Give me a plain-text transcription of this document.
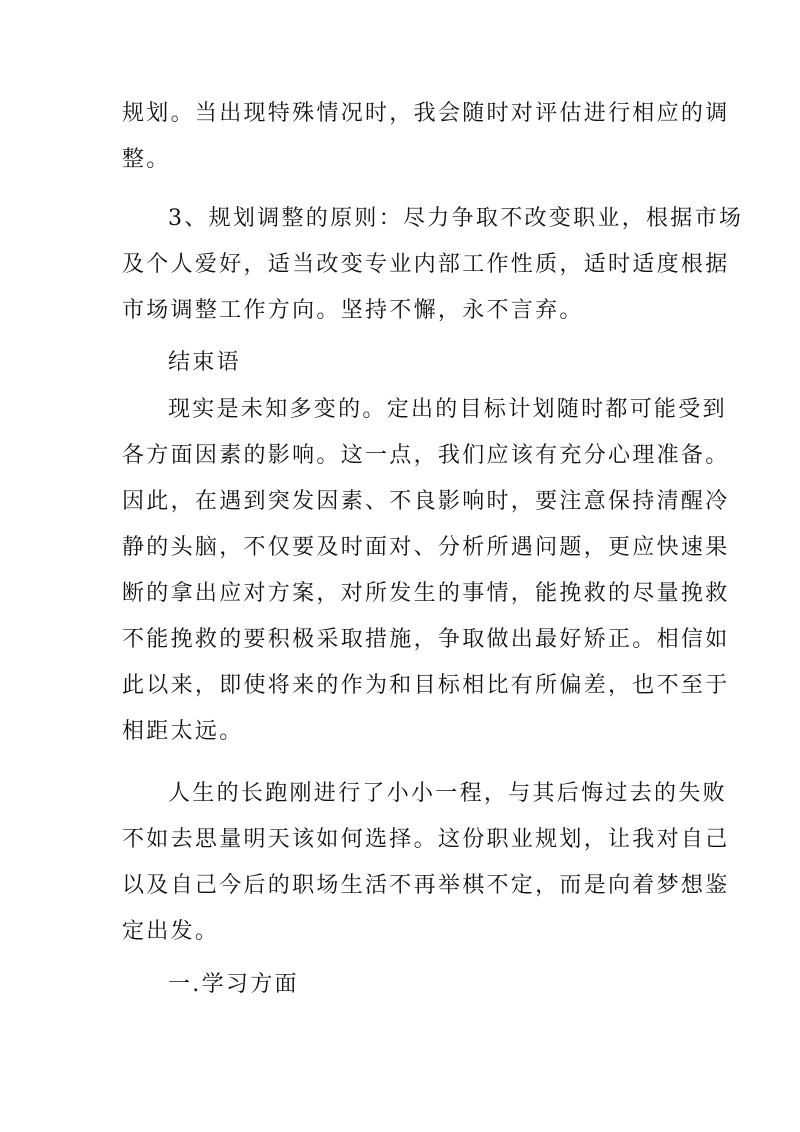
规划。当出现特殊情况时，我会随时对评估进行相应的调
整。
3、规划调整的原则：尽力争取不改变职业，根据市场
及个人爱好，适当改变专业内部工作性质，适时适度根据
市场调整工作方向。坚持不懈，永不言弃。
结束语
现实是未知多变的。定出的目标计划随时都可能受到
各方面因素的影响。这一点，我们应该有充分心理准备。
因此，在遇到突发因素、不良影响时，要注意保持清醒冷
静的头脑，不仅要及时面对、分析所遇问题，更应快速果
断的拿出应对方案，对所发生的事情，能挽救的尽量挽救
不能挽救的要积极采取措施，争取做出最好矫正。相信如
此以来，即使将来的作为和目标相比有所偏差，也不至于
相距太远。
人生的长跑刚进行了小小一程，与其后悔过去的失败
不如去思量明天该如何选择。这份职业规划，让我对自己
以及自己今后的职场生活不再举棋不定，而是向着梦想鉴
定出发。
一.学习方面
